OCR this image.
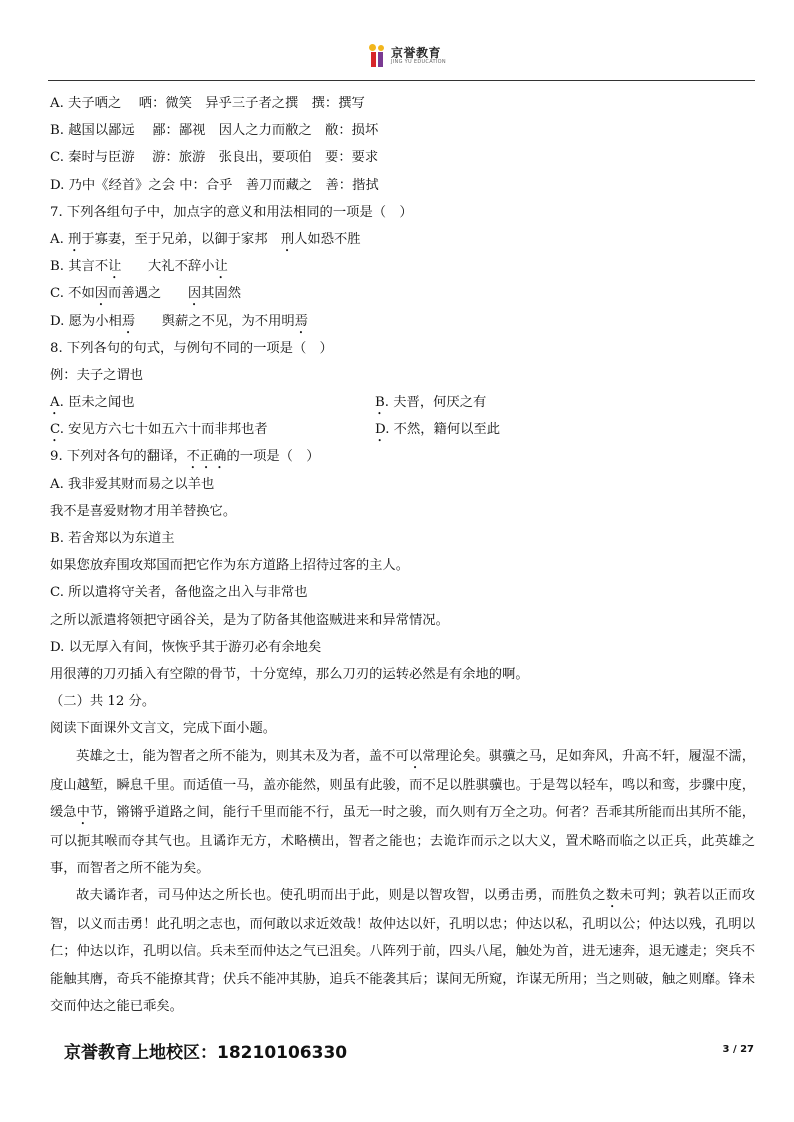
京誉教育
JING YU EDUCATION
A. 夫子哂之　 哂：微笑　异乎三子者之撰　撰：撰写
B. 越国以鄙远　 鄙：鄙视　因人之力而敝之　敝：损坏
C. 秦时与臣游　 游：旅游　张良出，要项伯　要：要求
D. 乃中《经首》之会 中：合乎　善刀而藏之　善：揩拭
7. 下列各组句子中，加点字的意义和用法相同的一项是（　）
A. 刑于寡妻，至于兄弟，以御于家邦　刑人如恐不胜
B. 其言不让　　大礼不辞小让
C. 不如因而善遇之　　因其固然
D. 愿为小相焉　　舆薪之不见，为不用明焉
8. 下列各句的句式，与例句不同的一项是（　）
例：夫子之谓也
A. 臣未之闻也	B. 夫晋，何厌之有
C. 安见方六七十如五六十而非邦也者	D. 不然，籍何以至此
9. 下列对各句的翻译，不正确的一项是（　）
A. 我非爱其财而易之以羊也
我不是喜爱财物才用羊替换它。
B. 若舍郑以为东道主
如果您放弃围攻郑国而把它作为东方道路上招待过客的主人。
C. 所以遣将守关者，备他盗之出入与非常也
之所以派遣将领把守函谷关，是为了防备其他盗贼进来和异常情况。
D. 以无厚入有间，恢恢乎其于游刃必有余地矣
用很薄的刀刃插入有空隙的骨节，十分宽绰，那么刀刃的运转必然是有余地的啊。
（二）共 12 分。
阅读下面课外文言文，完成下面小题。
英雄之士，能为智者之所不能为，则其未及为者，盖不可以常理论矣。骐骥之马，足如奔风，升高不轩，履湿不濡，度山越堑，瞬息千里。而适值一马，盖亦能然，则虽有此骏，而不足以胜骐骥也。于是驾以轻车，鸣以和鸾，步骤中度，缓急中节，锵锵乎道路之间，能行千里而能不行，虽无一时之骏，而久则有万全之功。何者？吾乖其所能而出其所不能，可以扼其喉而夺其气也。且谲诈无方，术略横出，智者之能也；去诡诈而示之以大义，置术略而临之以正兵，此英雄之事，而智者之所不能为矣。
故夫谲诈者，司马仲达之所长也。使孔明而出于此，则是以智攻智，以勇击勇，而胜负之数未可判；孰若以正而攻智，以义而击勇！此孔明之志也，而何敢以求近效哉！故仲达以奸，孔明以忠；仲达以私，孔明以公；仲达以残，孔明以仁；仲达以诈，孔明以信。兵未至而仲达之气已沮矣。八阵列于前，四头八尾，触处为首，进无速奔，退无遽走；突兵不能触其膺，奇兵不能撩其背；伏兵不能冲其胁，追兵不能袭其后；谋间无所窥，诈谋无所用；当之则破，触之则靡。锋未交而仲达之能已乖矣。
京誉教育上地校区：18210106330	3 / 27
